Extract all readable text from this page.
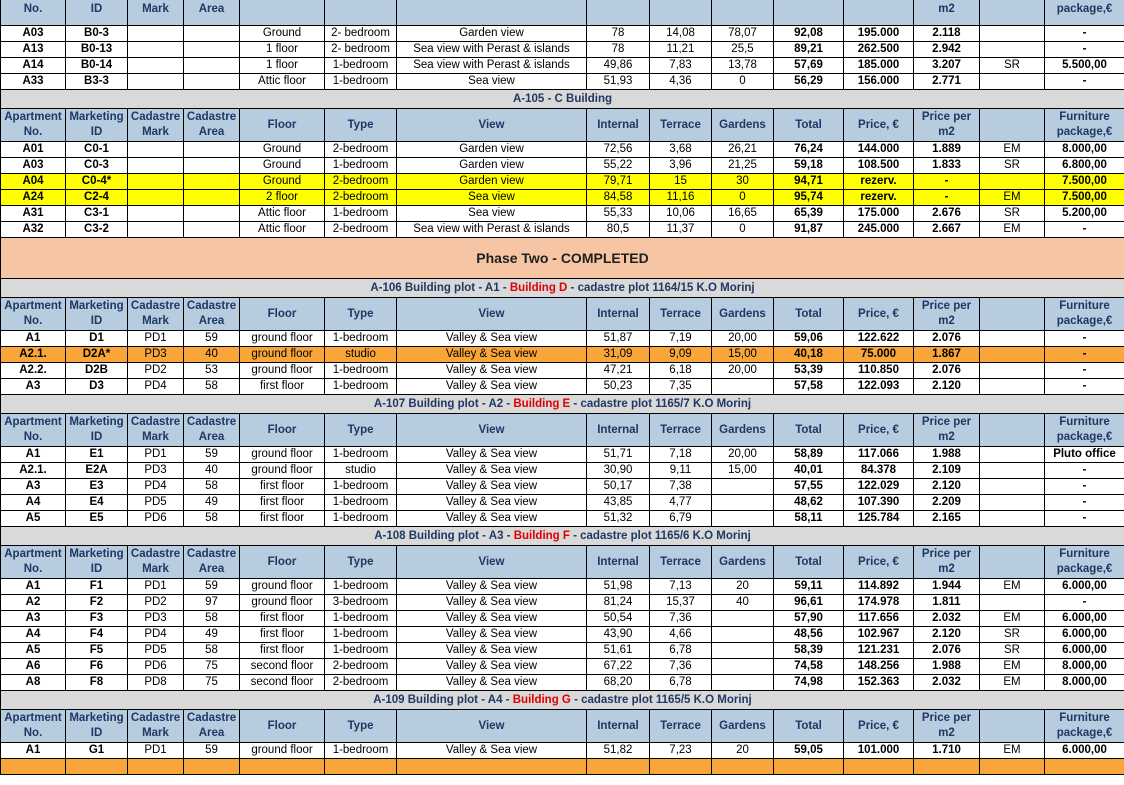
No.	ID	Mark	Area									m2		package,€
A03	B0-3			Ground	2- bedroom	Garden view	78	14,08	78,07	92,08	195.000	2.118		-
A13	B0-13			1 floor	2- bedroom	Sea view with Perast & islands	78	11,21	25,5	89,21	262.500	2.942		-
A14	B0-14			1 floor	1-bedroom	Sea view with Perast & islands	49,86	7,83	13,78	57,69	185.000	3.207	SR	5.500,00
A33	B3-3			Attic floor	1-bedroom	Sea view	51,93	4,36	0	56,29	156.000	2.771		-
A-105 - C Building														
Apartment No.	Marketing ID	Cadastre Mark	Cadastre Area	Floor	Type	View	Internal	Terrace	Gardens	Total	Price, €	Price per m2		Furniture package,€
A01	C0-1			Ground	2-bedroom	Garden view	72,56	3,68	26,21	76,24	144.000	1.889	EM	8.000,00
A03	C0-3			Ground	1-bedroom	Garden view	55,22	3,96	21,25	59,18	108.500	1.833	SR	6.800,00
A04	C0-4*			Ground	2-bedroom	Garden view	79,71	15	30	94,71	rezerv.	-		7.500,00
A24	C2-4			2 floor	2-bedroom	Sea view	84,58	11,16	0	95,74	rezerv.	-	EM	7.500,00
A31	C3-1			Attic floor	1-bedroom	Sea view	55,33	10,06	16,65	65,39	175.000	2.676	SR	5.200,00
A32	C3-2			Attic floor	2-bedroom	Sea view with Perast & islands	80,5	11,37	0	91,87	245.000	2.667	EM	-
Phase Two - COMPLETED														
A-106 Building plot - A1 - Building D - cadastre plot 1164/15 K.O Morinj														
Apartment No.	Marketing ID	Cadastre Mark	Cadastre Area	Floor	Type	View	Internal	Terrace	Gardens	Total	Price, €	Price per m2		Furniture package,€
A1	D1	PD1	59	ground floor	1-bedroom	Valley & Sea view	51,87	7,19	20,00	59,06	122.622	2.076		-
A2.1.	D2A*	PD3	40	ground floor	studio	Valley & Sea view	31,09	9,09	15,00	40,18	75.000	1.867		-
A2.2.	D2B	PD2	53	ground floor	1-bedroom	Valley & Sea view	47,21	6,18	20,00	53,39	110.850	2.076		-
A3	D3	PD4	58	first floor	1-bedroom	Valley & Sea view	50,23	7,35		57,58	122.093	2.120		-
A-107 Building plot - A2 - Building E - cadastre plot 1165/7 K.O Morinj														
Apartment No.	Marketing ID	Cadastre Mark	Cadastre Area	Floor	Type	View	Internal	Terrace	Gardens	Total	Price, €	Price per m2		Furniture package,€
A1	E1	PD1	59	ground floor	1-bedroom	Valley & Sea view	51,71	7,18	20,00	58,89	117.066	1.988		Pluto office
A2.1.	E2A	PD3	40	ground floor	studio	Valley & Sea view	30,90	9,11	15,00	40,01	84.378	2.109		-
A3	E3	PD4	58	first floor	1-bedroom	Valley & Sea view	50,17	7,38		57,55	122.029	2.120		-
A4	E4	PD5	49	first floor	1-bedroom	Valley & Sea view	43,85	4,77		48,62	107.390	2.209		-
A5	E5	PD6	58	first floor	1-bedroom	Valley & Sea view	51,32	6,79		58,11	125.784	2.165		-
A-108 Building plot - A3 - Building F - cadastre plot 1165/6 K.O Morinj														
Apartment No.	Marketing ID	Cadastre Mark	Cadastre Area	Floor	Type	View	Internal	Terrace	Gardens	Total	Price, €	Price per m2		Furniture package,€
A1	F1	PD1	59	ground floor	1-bedroom	Valley & Sea view	51,98	7,13	20	59,11	114.892	1.944	EM	6.000,00
A2	F2	PD2	97	ground floor	3-bedroom	Valley & Sea view	81,24	15,37	40	96,61	174.978	1.811		-
A3	F3	PD3	58	first floor	1-bedroom	Valley & Sea view	50,54	7,36		57,90	117.656	2.032	EM	6.000,00
A4	F4	PD4	49	first floor	1-bedroom	Valley & Sea view	43,90	4,66		48,56	102.967	2.120	SR	6.000,00
A5	F5	PD5	58	first floor	1-bedroom	Valley & Sea view	51,61	6,78		58,39	121.231	2.076	SR	6.000,00
A6	F6	PD6	75	second floor	2-bedroom	Valley & Sea view	67,22	7,36		74,58	148.256	1.988	EM	8.000,00
A8	F8	PD8	75	second floor	2-bedroom	Valley & Sea view	68,20	6,78		74,98	152.363	2.032	EM	8.000,00
A-109 Building plot - A4 - Building G - cadastre plot 1165/5 K.O Morinj														
Apartment No.	Marketing ID	Cadastre Mark	Cadastre Area	Floor	Type	View	Internal	Terrace	Gardens	Total	Price, €	Price per m2		Furniture package,€
A1	G1	PD1	59	ground floor	1-bedroom	Valley & Sea view	51,82	7,23	20	59,05	101.000	1.710	EM	6.000,00
